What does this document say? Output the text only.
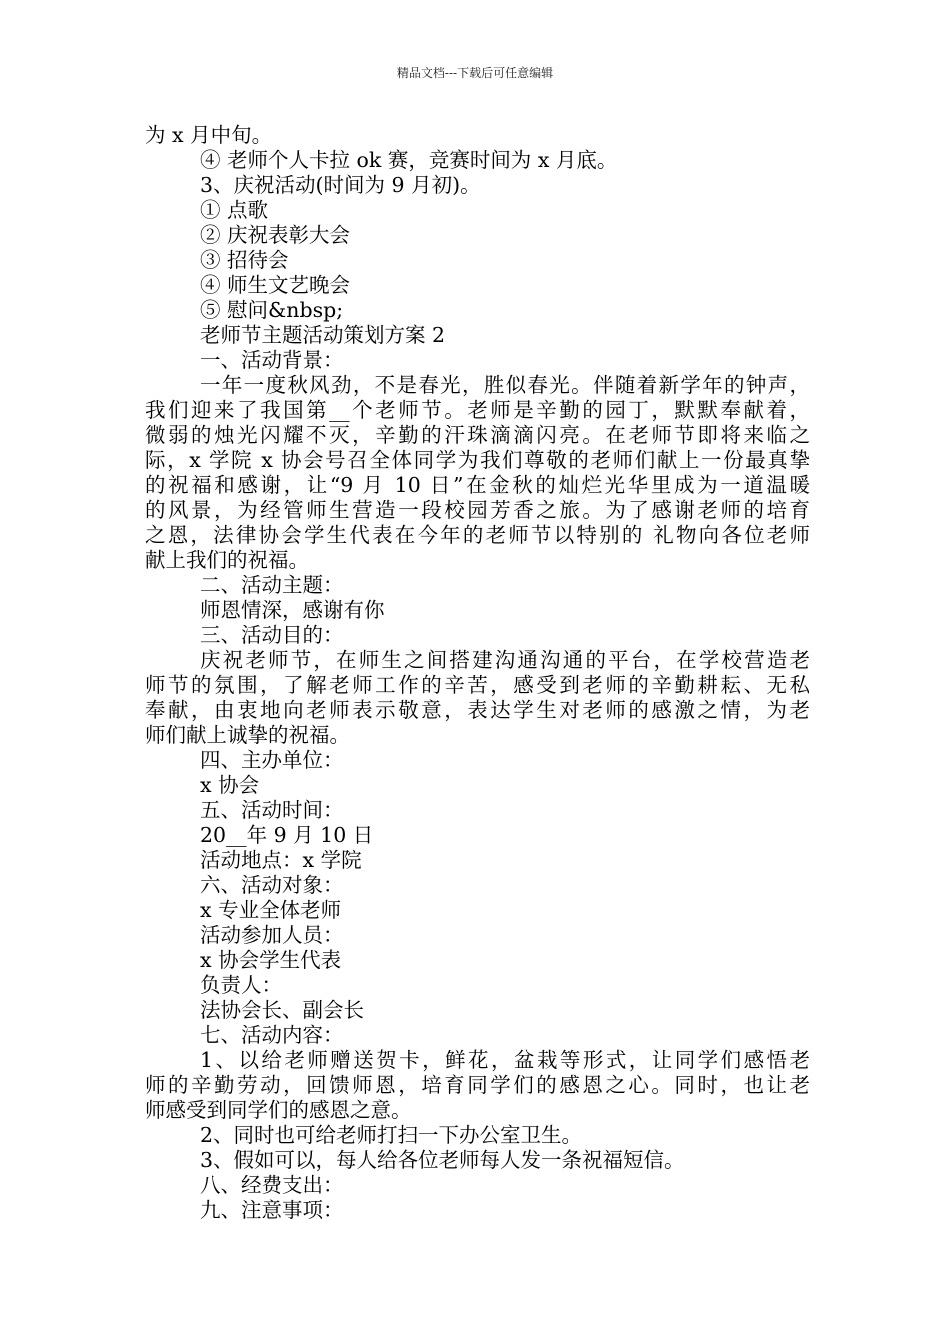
精品文档---下载后可任意编辑

为 x 月中旬。

④ 老师个人卡拉 ok 赛，竞赛时间为 x 月底。

3、庆祝活动(时间为 9 月初)。

① 点歌

② 庆祝表彰大会

③ 招待会

④ 师生文艺晚会

⑤ 慰问&nbsp;

老师节主题活动策划方案 2

一、活动背景：

一年一度秋风劲，不是春光，胜似春光。伴随着新学年的钟声，

我们迎来了我国第__个老师节。老师是辛勤的园丁，默默奉献着，

微弱的烛光闪耀不灭，辛勤的汗珠滴滴闪亮。在老师节即将来临之

际，x 学院 x 协会号召全体同学为我们尊敬的老师们献上一份最真挚

的祝福和感谢，让“9 月 10 日”在金秋的灿烂光华里成为一道温暖

的风景，为经管师生营造一段校园芳香之旅。为了感谢老师的培育

之恩，法律协会学生代表在今年的老师节以特别的 礼物向各位老师

献上我们的祝福。

二、活动主题：

师恩情深，感谢有你

三、活动目的：

庆祝老师节，在师生之间搭建沟通沟通的平台，在学校营造老

师节的氛围，了解老师工作的辛苦，感受到老师的辛勤耕耘、无私

奉献，由衷地向老师表示敬意，表达学生对老师的感激之情，为老

师们献上诚挚的祝福。

四、主办单位：

x 协会

五、活动时间：

20__年 9 月 10 日

活动地点：x 学院

六、活动对象：

x 专业全体老师

活动参加人员：

x 协会学生代表

负责人：

法协会长、副会长

七、活动内容：

1、以给老师赠送贺卡，鲜花，盆栽等形式，让同学们感悟老

师的辛勤劳动，回馈师恩，培育同学们的感恩之心。同时，也让老

师感受到同学们的感恩之意。

2、同时也可给老师打扫一下办公室卫生。

3、假如可以，每人给各位老师每人发一条祝福短信。

八、经费支出：

九、注意事项：
